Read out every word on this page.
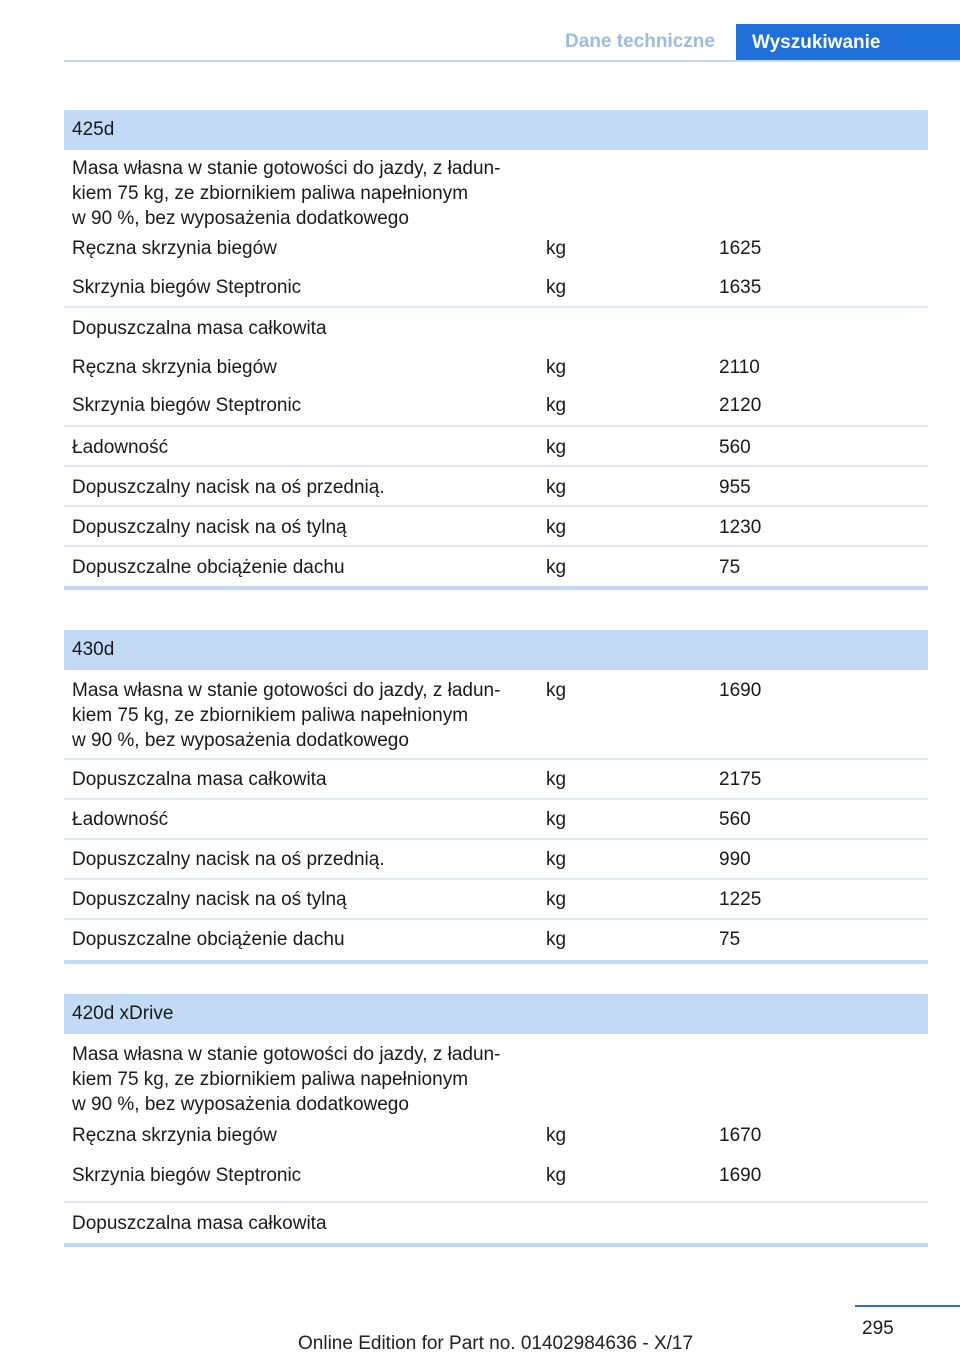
Dane techniczne	Wyszukiwanie
425d
Masa własna w stanie gotowości do jazdy, z ładun-
kiem 75 kg, ze zbiornikiem paliwa napełnionym
w 90 %, bez wyposażenia dodatkowego
Ręczna skrzynia biegów	kg	1625
Skrzynia biegów Steptronic	kg	1635
Dopuszczalna masa całkowita
Ręczna skrzynia biegów	kg	2110
Skrzynia biegów Steptronic	kg	2120
Ładowność	kg	560
Dopuszczalny nacisk na oś przednią.	kg	955
Dopuszczalny nacisk na oś tylną	kg	1230
Dopuszczalne obciążenie dachu	kg	75
430d
Masa własna w stanie gotowości do jazdy, z ładun-
kiem 75 kg, ze zbiornikiem paliwa napełnionym
w 90 %, bez wyposażenia dodatkowego
kg	1690
Dopuszczalna masa całkowita	kg	2175
Ładowność	kg	560
Dopuszczalny nacisk na oś przednią.	kg	990
Dopuszczalny nacisk na oś tylną	kg	1225
Dopuszczalne obciążenie dachu	kg	75
420d xDrive
Masa własna w stanie gotowości do jazdy, z ładun-
kiem 75 kg, ze zbiornikiem paliwa napełnionym
w 90 %, bez wyposażenia dodatkowego
Ręczna skrzynia biegów	kg	1670
Skrzynia biegów Steptronic	kg	1690
Dopuszczalna masa całkowita
295
Online Edition for Part no. 01402984636 - X/17
